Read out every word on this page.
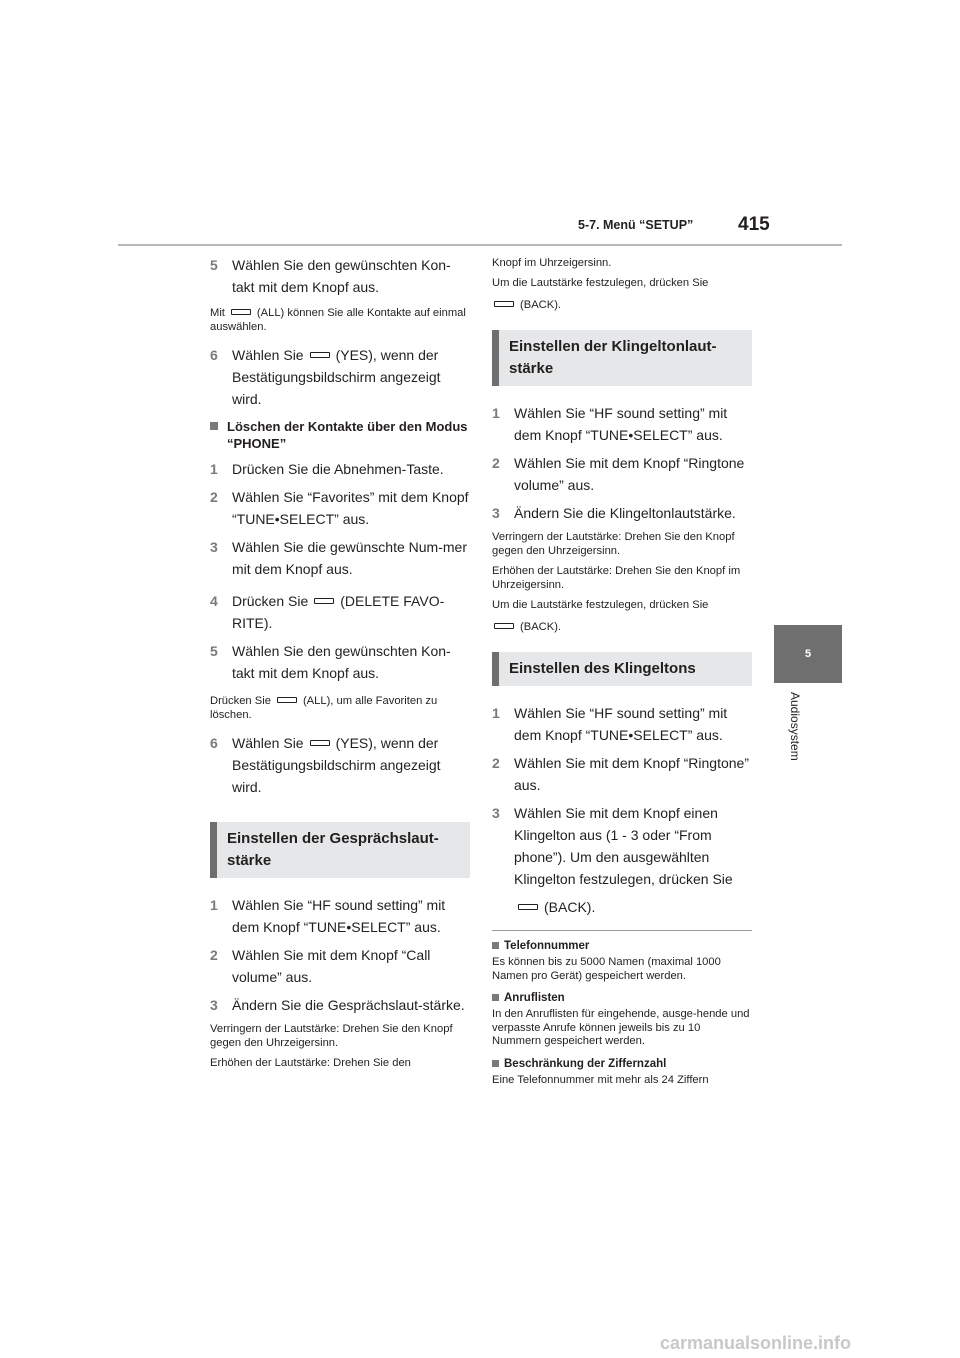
5-7. Menü “SETUP” 415
5
Audiosystem
5	Wählen Sie den gewünschten Kon-takt mit dem Knopf aus.
Mit	(ALL) können Sie alle Kontakte auf einmal auswählen.
6	Wählen Sie (YES), wenn der Bestätigungsbildschirm angezeigt wird.
Löschen der Kontakte über den Modus “PHONE”
1	Drücken Sie die Abnehmen-Taste.
2	Wählen Sie “Favorites” mit dem Knopf “TUNE•SELECT” aus.
3	Wählen Sie die gewünschte Num-mer mit dem Knopf aus.
4	Drücken Sie (DELETE FAVO-RITE).
5	Wählen Sie den gewünschten Kon-takt mit dem Knopf aus.
Drücken Sie	(ALL), um alle Favoriten zu löschen.
6	Wählen Sie (YES), wenn der Bestätigungsbildschirm angezeigt wird.
Einstellen der Gesprächslaut-stärke
1	Wählen Sie “HF sound setting” mit dem Knopf “TUNE•SELECT” aus.
2	Wählen Sie mit dem Knopf “Call volume” aus.
3	Ändern Sie die Gesprächslaut-stärke.
Verringern der Lautstärke: Drehen Sie den Knopf gegen den Uhrzeigersinn.
Erhöhen der Lautstärke: Drehen Sie den
Knopf im Uhrzeigersinn.
Um die Lautstärke festzulegen, drücken Sie
(BACK).
Einstellen der Klingeltonlaut-stärke
1	Wählen Sie “HF sound setting” mit dem Knopf “TUNE•SELECT” aus.
2	Wählen Sie mit dem Knopf “Ringtone volume” aus.
3	Ändern Sie die Klingeltonlautstärke.
Verringern der Lautstärke: Drehen Sie den Knopf gegen den Uhrzeigersinn.
Erhöhen der Lautstärke: Drehen Sie den Knopf im Uhrzeigersinn.
Um die Lautstärke festzulegen, drücken Sie
(BACK).
Einstellen des Klingeltons
1	Wählen Sie “HF sound setting” mit dem Knopf “TUNE•SELECT” aus.
2	Wählen Sie mit dem Knopf “Ringtone” aus.
3	Wählen Sie mit dem Knopf einen Klingelton aus (1 - 3 oder “From phone”). Um den ausgewählten Klingelton festzulegen, drücken Sie
(BACK).
Telefonnummer
Es können bis zu 5000 Namen (maximal 1000 Namen pro Gerät) gespeichert werden.
Anruflisten
In den Anruflisten für eingehende, ausge-hende und verpasste Anrufe können jeweils bis zu 10 Nummern gespeichert werden.
Beschränkung der Ziffernzahl
Eine Telefonnummer mit mehr als 24 Ziffern
carmanualsonline.info
